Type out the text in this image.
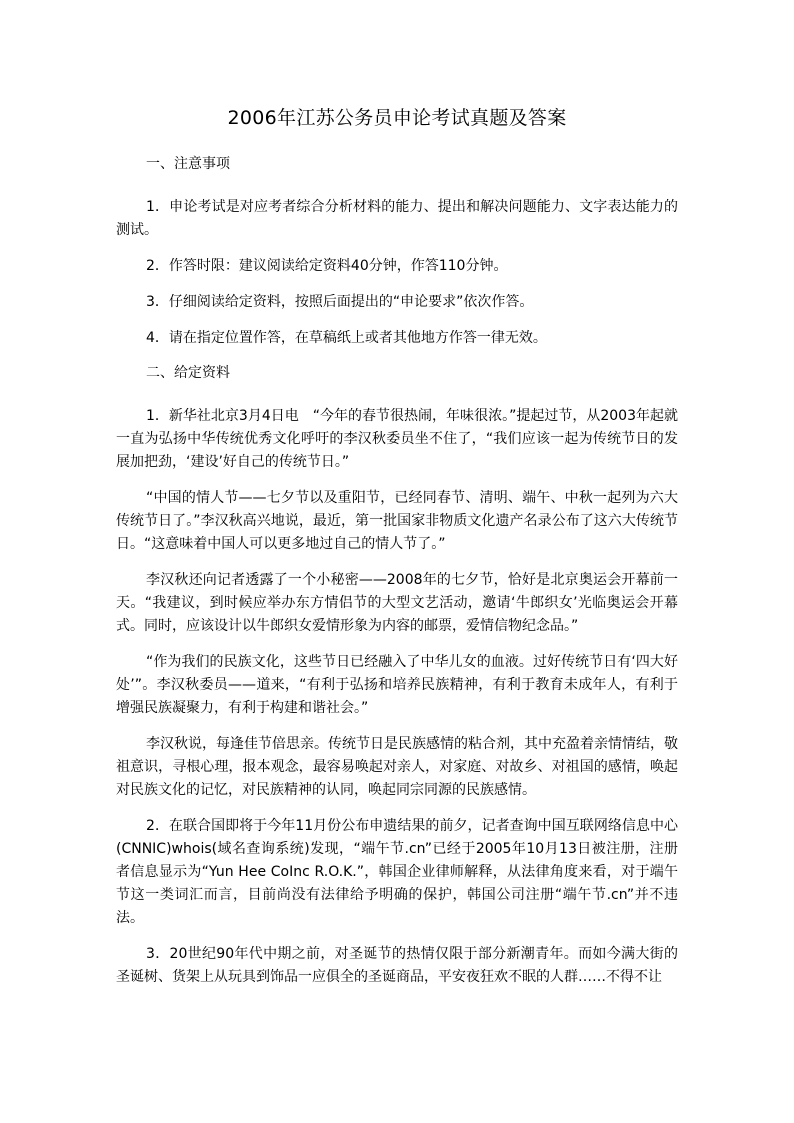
2006年江苏公务员申论考试真题及答案
一、注意事项

1．申论考试是对应考者综合分析材料的能力、提出和解决问题能力、文字表达能力的测试。

2．作答时限：建议阅读给定资料40分钟，作答110分钟。

3．仔细阅读给定资料，按照后面提出的“申论要求”依次作答。

4．请在指定位置作答，在草稿纸上或者其他地方作答一律无效。

二、给定资料

1．新华社北京3月4日电　“今年的春节很热闹，年味很浓。”提起过节，从2003年起就一直为弘扬中华传统优秀文化呼吁的李汉秋委员坐不住了，“我们应该一起为传统节日的发展加把劲，‘建设’好自己的传统节日。”

“中国的情人节——七夕节以及重阳节，已经同春节、清明、端午、中秋一起列为六大传统节日了。”李汉秋高兴地说，最近，第一批国家非物质文化遗产名录公布了这六大传统节日。“这意味着中国人可以更多地过自己的情人节了。”

李汉秋还向记者透露了一个小秘密——2008年的七夕节，恰好是北京奥运会开幕前一天。“我建议，到时候应举办东方情侣节的大型文艺活动，邀请‘牛郎织女’光临奥运会开幕式。同时，应该设计以牛郎织女爱情形象为内容的邮票，爱情信物纪念品。”

“作为我们的民族文化，这些节日已经融入了中华儿女的血液。过好传统节日有‘四大好处’”。李汉秋委员——道来，“有利于弘扬和培养民族精神，有利于教育未成年人，有利于增强民族凝聚力，有利于构建和谐社会。”

李汉秋说，每逢佳节倍思亲。传统节日是民族感情的粘合剂，其中充盈着亲情情结，敬祖意识，寻根心理，报本观念，最容易唤起对亲人，对家庭、对故乡、对祖国的感情，唤起对民族文化的记忆，对民族精神的认同，唤起同宗同源的民族感情。

2．在联合国即将于今年11月份公布申遗结果的前夕，记者查询中国互联网络信息中心(CNNIC)whois(域名查询系统)发现，“端午节.cn”已经于2005年10月13日被注册，注册者信息显示为“Yun Hee CoInc R.O.K.”，韩国企业律师解释，从法律角度来看，对于端午节这一类词汇而言，目前尚没有法律给予明确的保护，韩国公司注册“端午节.cn”并不违法。

3．20世纪90年代中期之前，对圣诞节的热情仅限于部分新潮青年。而如今满大街的圣诞树、货架上从玩具到饰品一应俱全的圣诞商品，平安夜狂欢不眠的人群……不得不让
